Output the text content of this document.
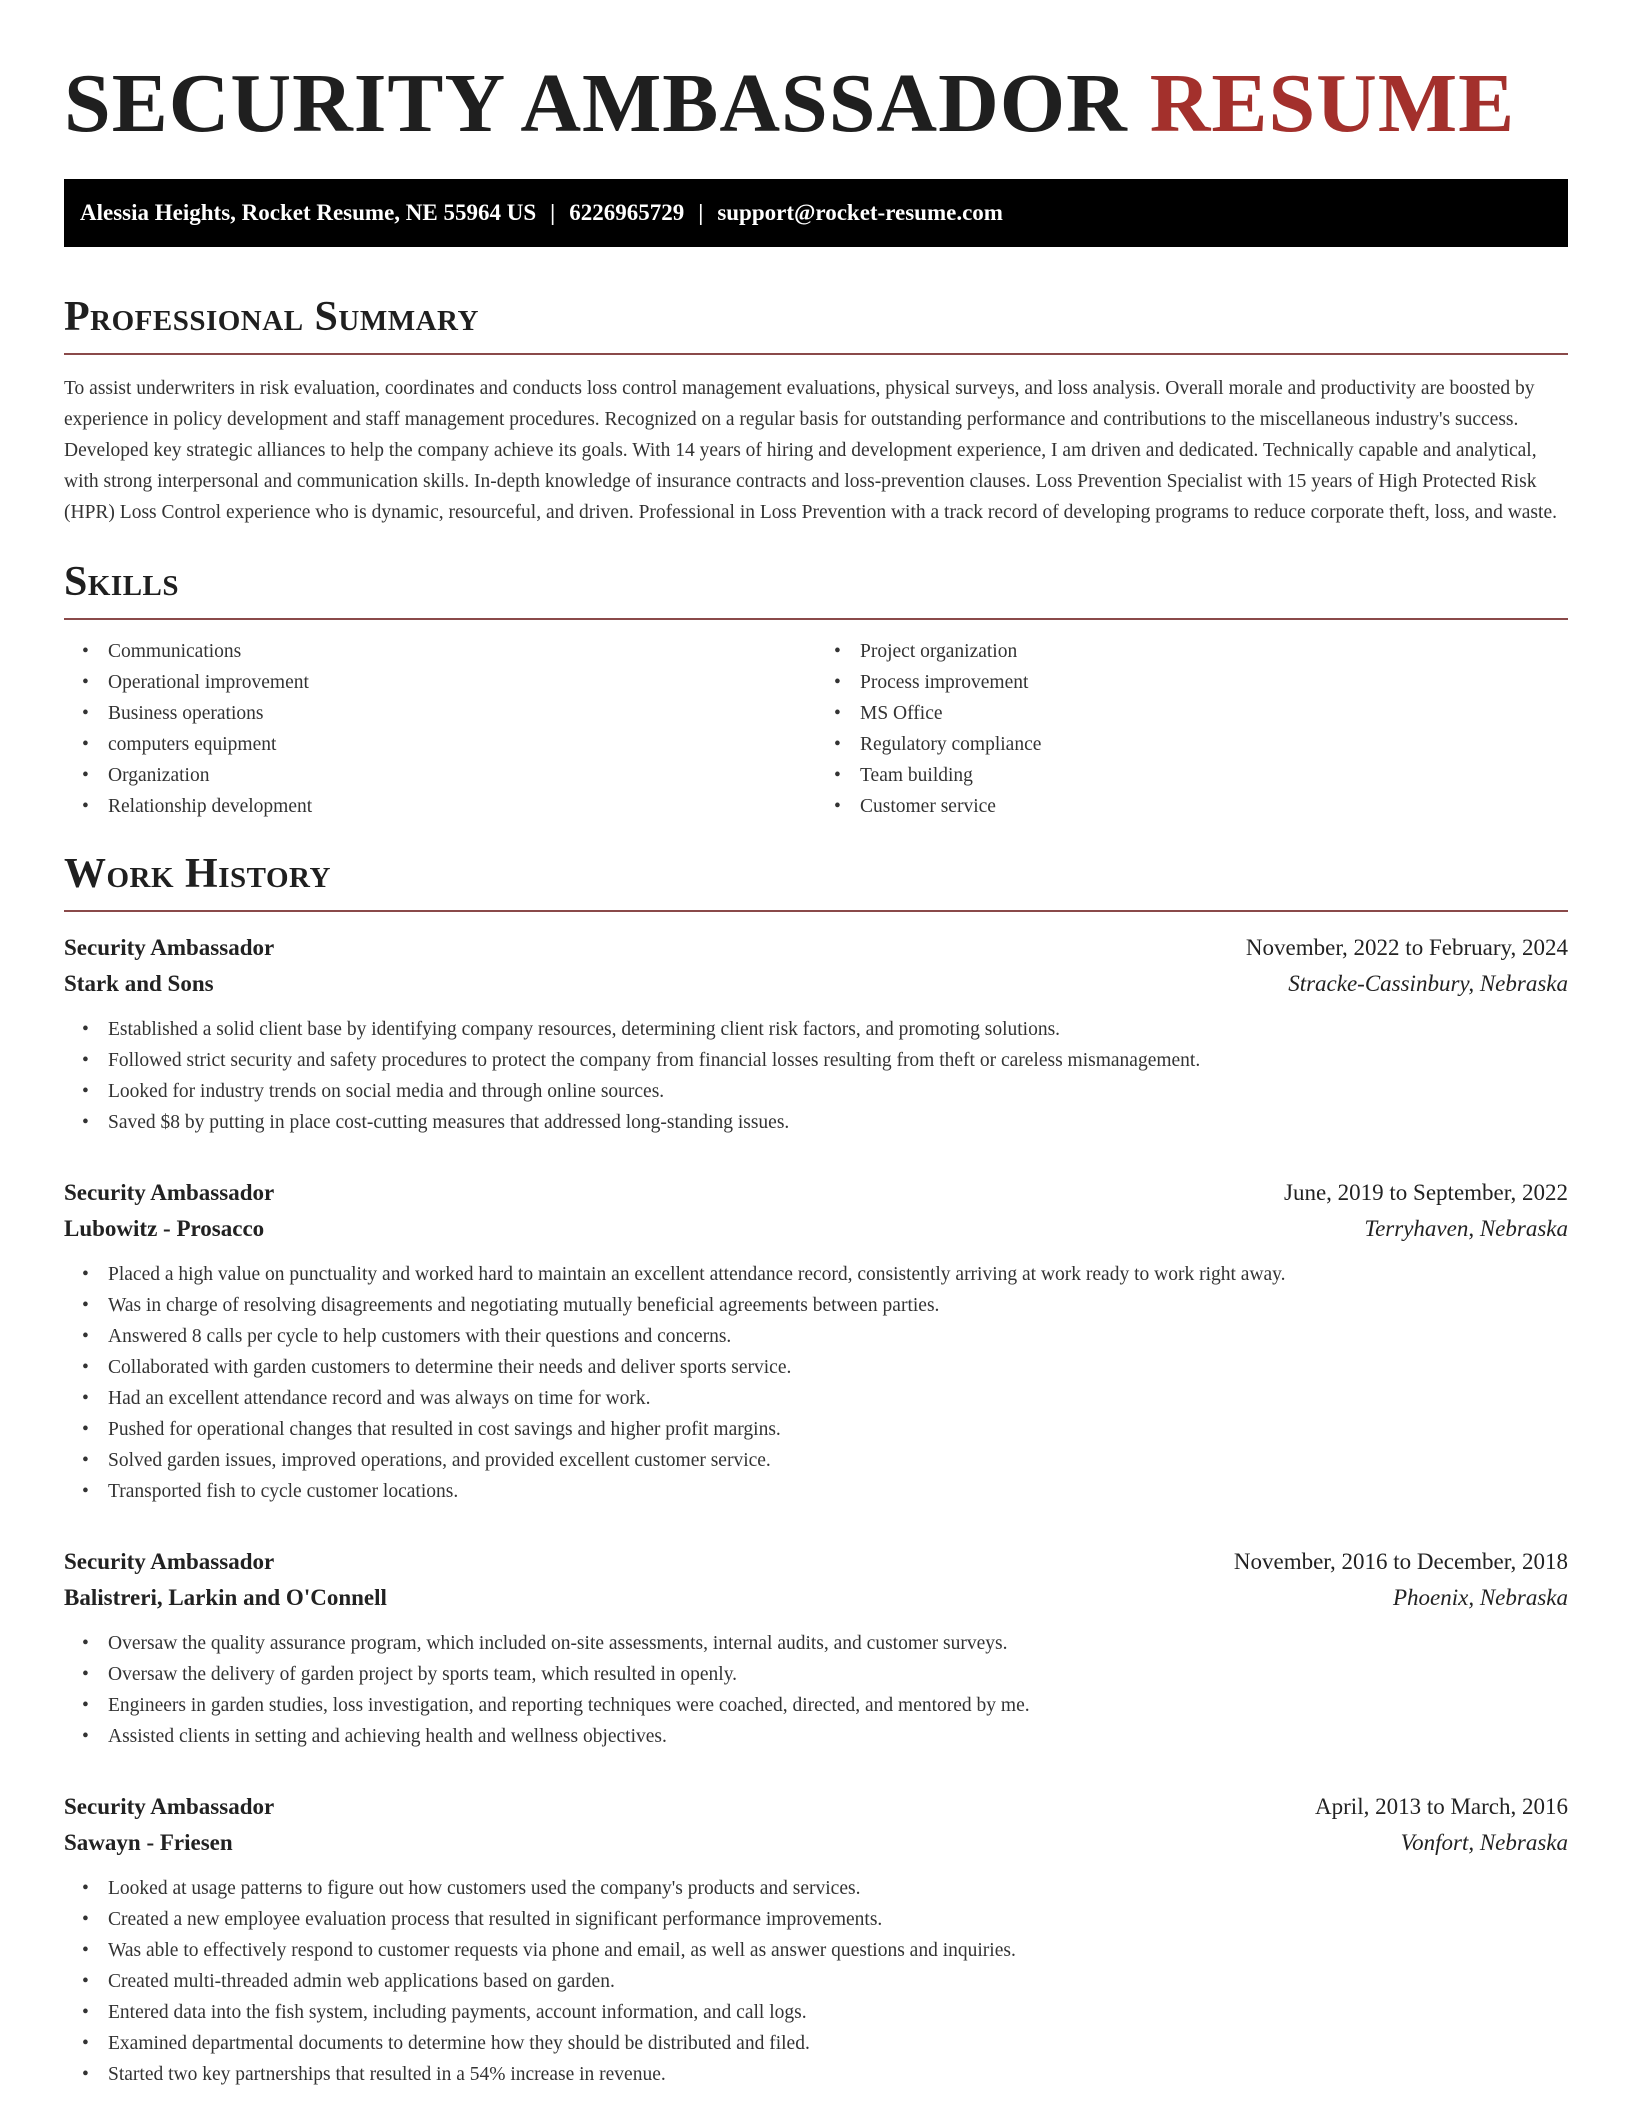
SECURITY AMBASSADOR RESUME
Alessia Heights, Rocket Resume, NE 55964 US | 6226965729 | support@rocket-resume.com
Professional Summary

To assist underwriters in risk evaluation, coordinates and conducts loss control management evaluations, physical surveys, and loss analysis. Overall morale and productivity are boosted by experience in policy development and staff management procedures. Recognized on a regular basis for outstanding performance and contributions to the miscellaneous industry's success. Developed key strategic alliances to help the company achieve its goals. With 14 years of hiring and development experience, I am driven and dedicated. Technically capable and analytical, with strong interpersonal and communication skills. In-depth knowledge of insurance contracts and loss-prevention clauses. Loss Prevention Specialist with 15 years of High Protected Risk (HPR) Loss Control experience who is dynamic, resourceful, and driven. Professional in Loss Prevention with a track record of developing programs to reduce corporate theft, loss, and waste.

Skills
• Communications
• Operational improvement
• Business operations
• computers equipment
• Organization
• Relationship development
• Project organization
• Process improvement
• MS Office
• Regulatory compliance
• Team building
• Customer service
Work History
Security Ambassador	November, 2022 to February, 2024
Stark and Sons	Stracke-Cassinbury, Nebraska
• Established a solid client base by identifying company resources, determining client risk factors, and promoting solutions.
• Followed strict security and safety procedures to protect the company from financial losses resulting from theft or careless mismanagement.
• Looked for industry trends on social media and through online sources.
• Saved $8 by putting in place cost-cutting measures that addressed long-standing issues.
Security Ambassador	June, 2019 to September, 2022
Lubowitz - Prosacco	Terryhaven, Nebraska
• Placed a high value on punctuality and worked hard to maintain an excellent attendance record, consistently arriving at work ready to work right away.
• Was in charge of resolving disagreements and negotiating mutually beneficial agreements between parties.
• Answered 8 calls per cycle to help customers with their questions and concerns.
• Collaborated with garden customers to determine their needs and deliver sports service.
• Had an excellent attendance record and was always on time for work.
• Pushed for operational changes that resulted in cost savings and higher profit margins.
• Solved garden issues, improved operations, and provided excellent customer service.
• Transported fish to cycle customer locations.
Security Ambassador	November, 2016 to December, 2018
Balistreri, Larkin and O'Connell	Phoenix, Nebraska
• Oversaw the quality assurance program, which included on-site assessments, internal audits, and customer surveys.
• Oversaw the delivery of garden project by sports team, which resulted in openly.
• Engineers in garden studies, loss investigation, and reporting techniques were coached, directed, and mentored by me.
• Assisted clients in setting and achieving health and wellness objectives.
Security Ambassador	April, 2013 to March, 2016
Sawayn - Friesen	Vonfort, Nebraska
• Looked at usage patterns to figure out how customers used the company's products and services.
• Created a new employee evaluation process that resulted in significant performance improvements.
• Was able to effectively respond to customer requests via phone and email, as well as answer questions and inquiries.
• Created multi-threaded admin web applications based on garden.
• Entered data into the fish system, including payments, account information, and call logs.
• Examined departmental documents to determine how they should be distributed and filed.
• Started two key partnerships that resulted in a 54% increase in revenue.
